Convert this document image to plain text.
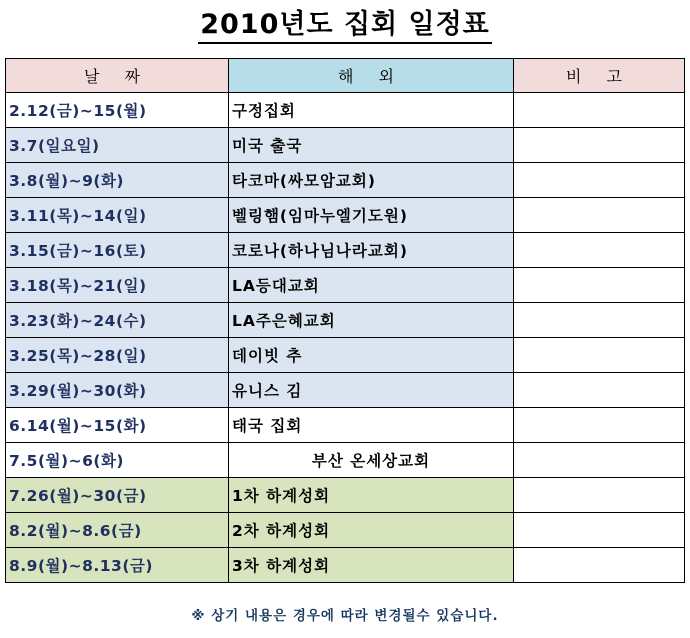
2010년도 집회 일정표
날 짜	해 외	비 고
2.12(금)~15(월)	구정집회	
3.7(일요일)	미국 출국	
3.8(월)~9(화)	타코마(싸모암교회)	
3.11(목)~14(일)	벨링햄(임마누엘기도원)	
3.15(금)~16(토)	코로나(하나님나라교회)	
3.18(목)~21(일)	LA등대교회	
3.23(화)~24(수)	LA주은혜교회	
3.25(목)~28(일)	데이빗 추	
3.29(월)~30(화)	유니스 김	
6.14(월)~15(화)	태국 집회	
7.5(월)~6(화)	부산 온세상교회	
7.26(월)~30(금)	1차 하계성회	
8.2(월)~8.6(금)	2차 하계성회	
8.9(월)~8.13(금)	3차 하계성회	
※ 상기 내용은 경우에 따라 변경될수 있습니다.
